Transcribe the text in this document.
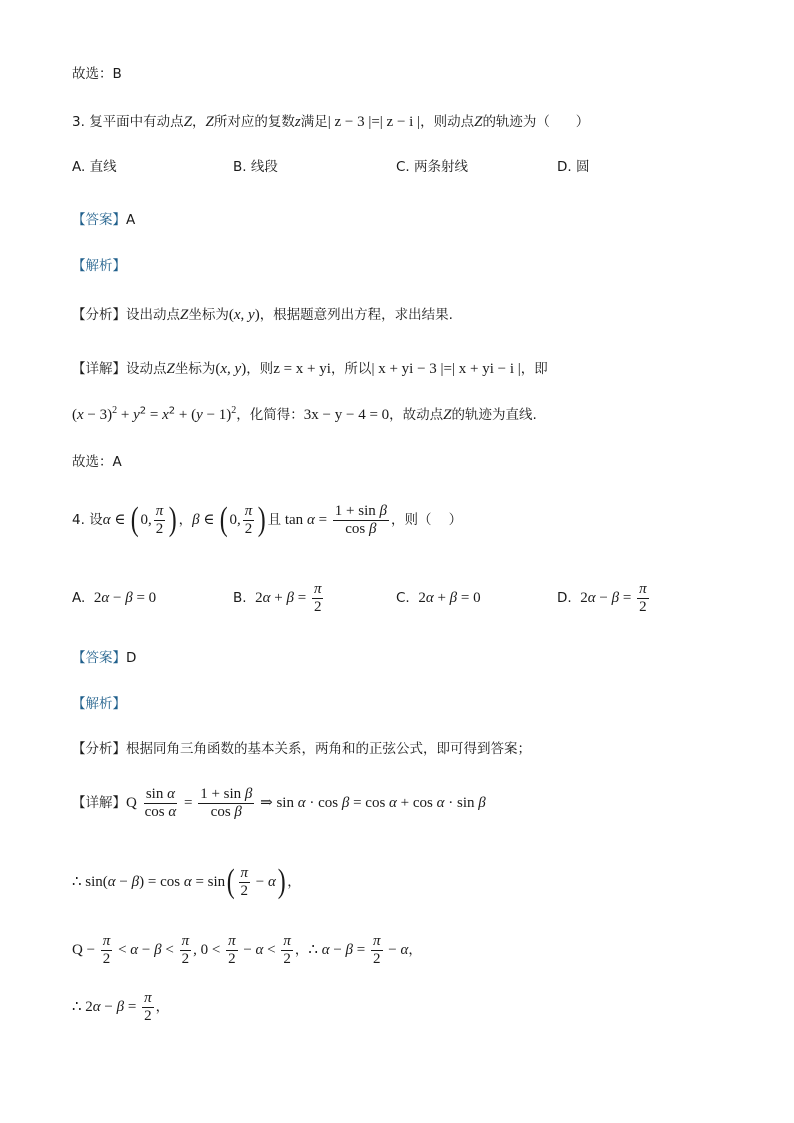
故选：B
3. 复平面中有动点Z，Z所对应的复数z满足| z − 3 |=| z − i |，则动点Z的轨迹为（ ）
A. 直线	B. 线段	C. 两条射线	D. 圆
【答案】A
【解析】
【分析】设出动点Z坐标为(x, y)，根据题意列出方程，求出结果.
【详解】设动点Z坐标为(x, y)，则z = x + yi，所以| x + yi − 3 |=| x + yi − i |，即
$(x - 3)^2 + y^2 = x^2 + (y - 1)^2$，化简得：3x − y − 4 = 0，故动点Z的轨迹为直线.
故选：A
4. 设α ∈ ( 0, $\frac{\pi}{2}$ ) ，β ∈ ( 0, $\frac{\pi}{2}$ ) 且 $\tan \alpha = \frac{\text{1 + sin β}}{\text{cos β}}$ ，则（ ）
A. 2α − β = 0	B. $2\alpha + \beta = \frac{\pi}{2}$	C. 2α + β = 0	D. $2\alpha - \beta = \frac{\pi}{2}$
【答案】D
【解析】
【分析】根据同角三角函数的基本关系，两角和的正弦公式，即可得到答案；
【详解】Q $\frac{\text{sin α}}{\text{cos α}} = \frac{\text{1 + sin β}}{\text{cos β}}$ ⇒ sin α · cos β = cos α + cos α · sin β
∴ $\sin(\alpha - \beta) = \cos \alpha = \sin( \frac{\pi}{2} - \alpha)$ ，
$Q - \frac{\pi}{2} < \alpha - \beta < \frac{\pi}{2}$ , $0 < \frac{\pi}{2} - \alpha < \frac{\pi}{2}$ ，∴ $\alpha - \beta = \frac{\pi}{2} - \alpha$，
∴ $2\alpha - \beta = \frac{\pi}{2}$ ，
